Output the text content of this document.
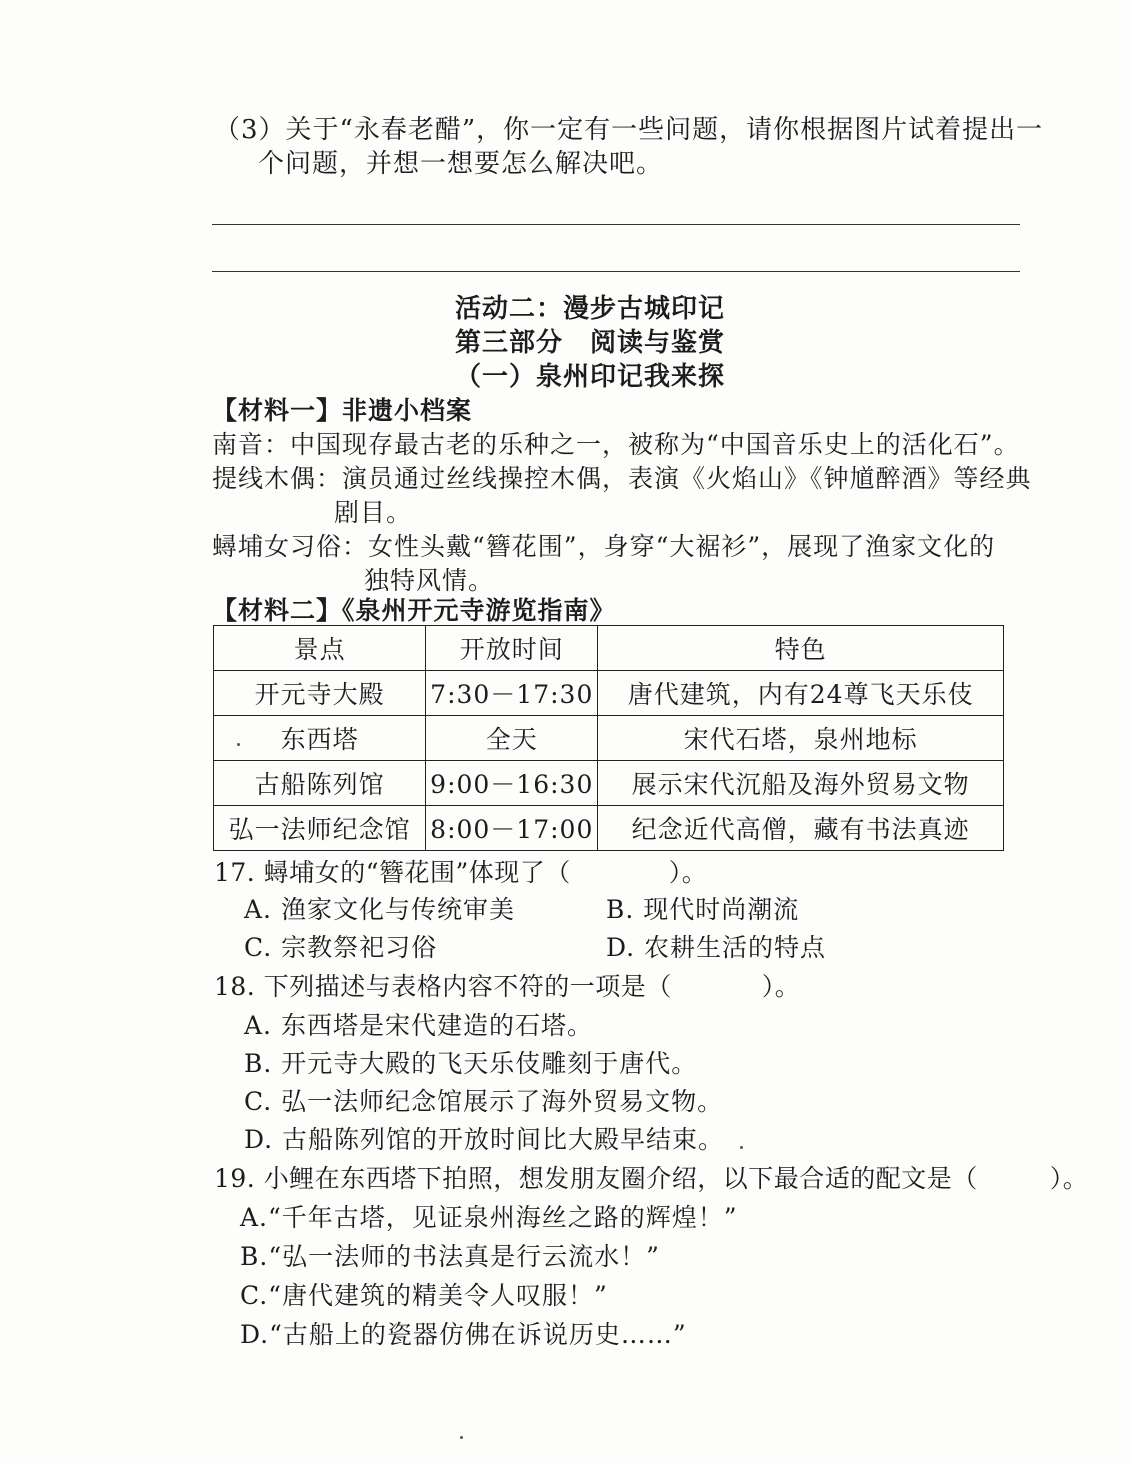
（3）关于“永春老醋”，你一定有一些问题，请你根据图片试着提出一
个问题，并想一想要怎么解决吧。
活动二：漫步古城印记
第三部分　阅读与鉴赏
（一）泉州印记我来探
【材料一】非遗小档案
南音：中国现存最古老的乐种之一，被称为“中国音乐史上的活化石”。
提线木偶：演员通过丝线操控木偶，表演《火焰山》《钟馗醉酒》等经典
剧目。
蟳埔女习俗：女性头戴“簪花围”，身穿“大裾衫”，展现了渔家文化的
独特风情。
【材料二】《泉州开元寺游览指南》
景点	开放时间	特色
开元寺大殿	7:30－17:30	唐代建筑，内有24尊飞天乐伎
东西塔	全天	宋代石塔，泉州地标
古船陈列馆	9:00－16:30	展示宋代沉船及海外贸易文物
弘一法师纪念馆	8:00－17:00	纪念近代高僧，藏有书法真迹
17. 蟳埔女的“簪花围”体现了（	）。
A. 渔家文化与传统审美	B. 现代时尚潮流
C. 宗教祭祀习俗	D. 农耕生活的特点
18. 下列描述与表格内容不符的一项是（	）。
A. 东西塔是宋代建造的石塔。
B. 开元寺大殿的飞天乐伎雕刻于唐代。
C. 弘一法师纪念馆展示了海外贸易文物。
D. 古船陈列馆的开放时间比大殿早结束。
19. 小鲤在东西塔下拍照，想发朋友圈介绍，以下最合适的配文是（	）。
A.“千年古塔，见证泉州海丝之路的辉煌！”
B.“弘一法师的书法真是行云流水！”
C.“唐代建筑的精美令人叹服！”
D.“古船上的瓷器仿佛在诉说历史……”
